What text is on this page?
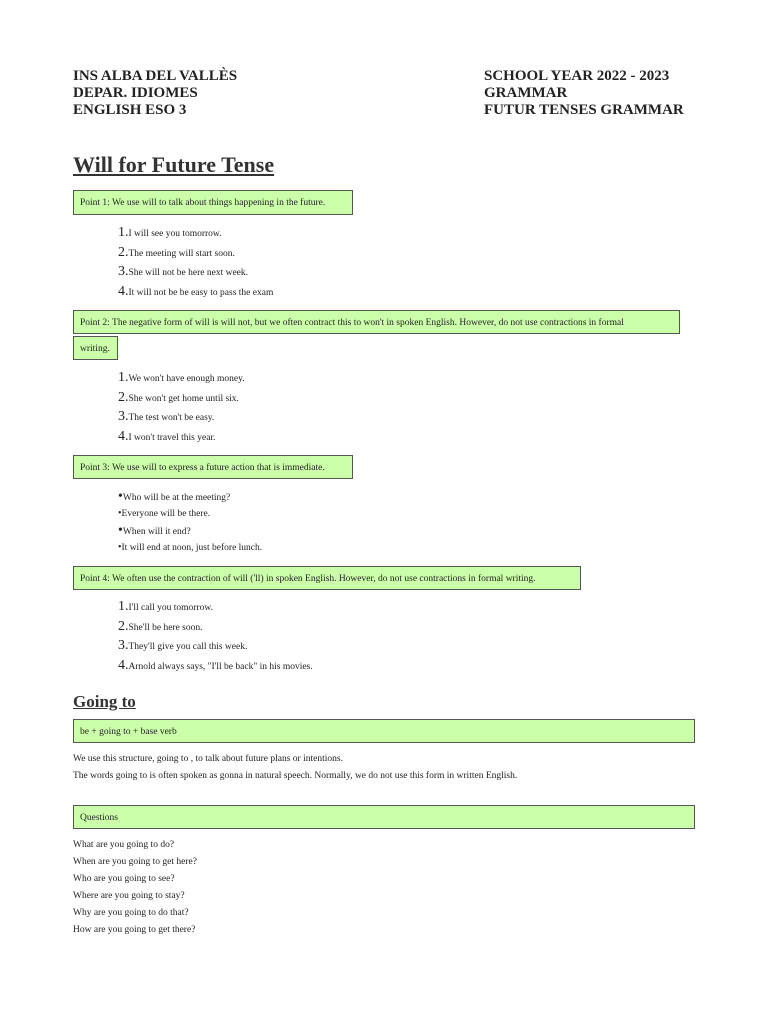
INS ALBA DEL VALLÈS
DEPAR. IDIOMES
ENGLISH ESO 3
SCHOOL YEAR 2022 - 2023
GRAMMAR
FUTUR TENSES GRAMMAR
Will for Future Tense
Point 1: We use will to talk about things happening in the future.
1.I will see you tomorrow.
2.The meeting will start soon.
3.She will not be here next week.
4.It will not be be easy to pass the exam
Point 2: The negative form of will is will not, but we often contract this to won't in spoken English. However, do not use contractions in formal
writing.
1.We won't have enough money.
2.She won't get home until six.
3.The test won't be easy.
4.I won't travel this year.
Point 3: We use will to express a future action that is immediate.
•Who will be at the meeting?
•Everyone will be there.
•When will it end?
•It will end at noon, just before lunch.
Point 4: We often use the contraction of will ('ll) in spoken English. However, do not use contractions in formal writing.
1.I'll call you tomorrow.
2.She'll be here soon.
3.They'll give you call this week.
4.Arnold always says, "I'll be back" in his movies.
Going to
be + going to + base verb
We use this structure, going to , to talk about future plans or intentions.
The words going to is often spoken as gonna in natural speech. Normally, we do not use this form in written English.
Questions
What are you going to do?
When are you going to get here?
Who are you going to see?
Where are you going to stay?
Why are you going to do that?
How are you going to get there?
